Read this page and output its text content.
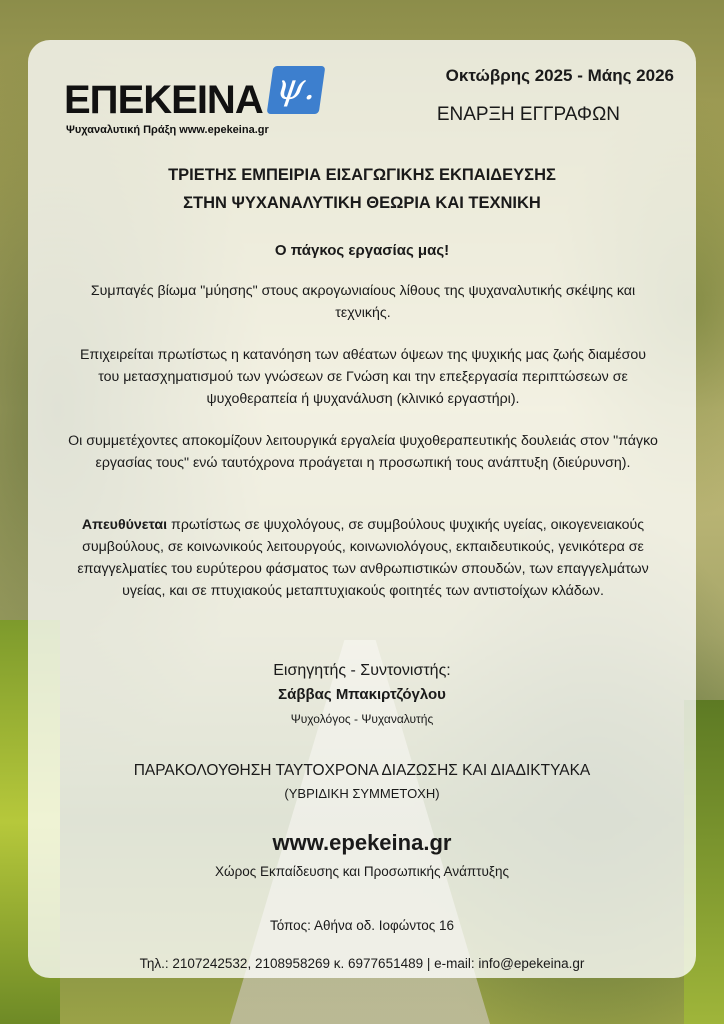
ΕΠΕΚΕΙΝΑ ψ.
Ψυχαναλυτική Πράξη www.epekeina.gr
Οκτώβρης 2025 - Μάης 2026
ΕΝΑΡΞΗ ΕΓΓΡΑΦΩΝ
ΤΡΙΕΤΗΣ ΕΜΠΕΙΡΙΑ ΕΙΣΑΓΩΓΙΚΗΣ ΕΚΠΑΙΔΕΥΣΗΣ
ΣΤΗΝ ΨΥΧΑΝΑΛΥΤΙΚΗ ΘΕΩΡΙΑ ΚΑΙ ΤΕΧΝΙΚΗ
Ο πάγκος εργασίας μας!

Συμπαγές βίωμα "μύησης" στους ακρογωνιαίους λίθους της ψυχαναλυτικής σκέψης και τεχνικής.

Επιχειρείται πρωτίστως η κατανόηση των αθέατων όψεων της ψυχικής μας ζωής διαμέσου του μετασχηματισμού των γνώσεων σε Γνώση και την επεξεργασία περιπτώσεων σε ψυχοθεραπεία ή ψυχανάλυση (κλινικό εργαστήρι).

Οι συμμετέχοντες αποκομίζουν λειτουργικά εργαλεία ψυχοθεραπευτικής δουλειάς στον "πάγκο εργασίας τους" ενώ ταυτόχρονα προάγεται η προσωπική τους ανάπτυξη (διεύρυνση).

Απευθύνεται πρωτίστως σε ψυχολόγους, σε συμβούλους ψυχικής υγείας, οικογενειακούς συμβούλους, σε κοινωνικούς λειτουργούς, κοινωνιολόγους, εκπαιδευτικούς, γενικότερα σε επαγγελματίες του ευρύτερου φάσματος των ανθρωπιστικών σπουδών, των επαγγελμάτων υγείας, και σε πτυχιακούς μεταπτυχιακούς φοιτητές των αντιστοίχων κλάδων.

Εισηγητής - Συντονιστής:
Σάββας Μπακιρτζόγλου
Ψυχολόγος - Ψυχαναλυτής
ΠΑΡΑΚΟΛΟΥΘΗΣΗ ΤΑΥΤΟΧΡΟΝΑ ΔΙΑΖΩΣΗΣ ΚΑΙ ΔΙΑΔΙΚΤΥΑΚΑ
(ΥΒΡΙΔΙΚΗ ΣΥΜΜΕΤΟΧΗ)
www.epekeina.gr
Χώρος Εκπαίδευσης και Προσωπικής Ανάπτυξης
Τόπος: Αθήνα οδ. Ιοφώντος 16
Τηλ.: 2107242532, 2108958269 κ. 6977651489 | e-mail: info@epekeina.gr
